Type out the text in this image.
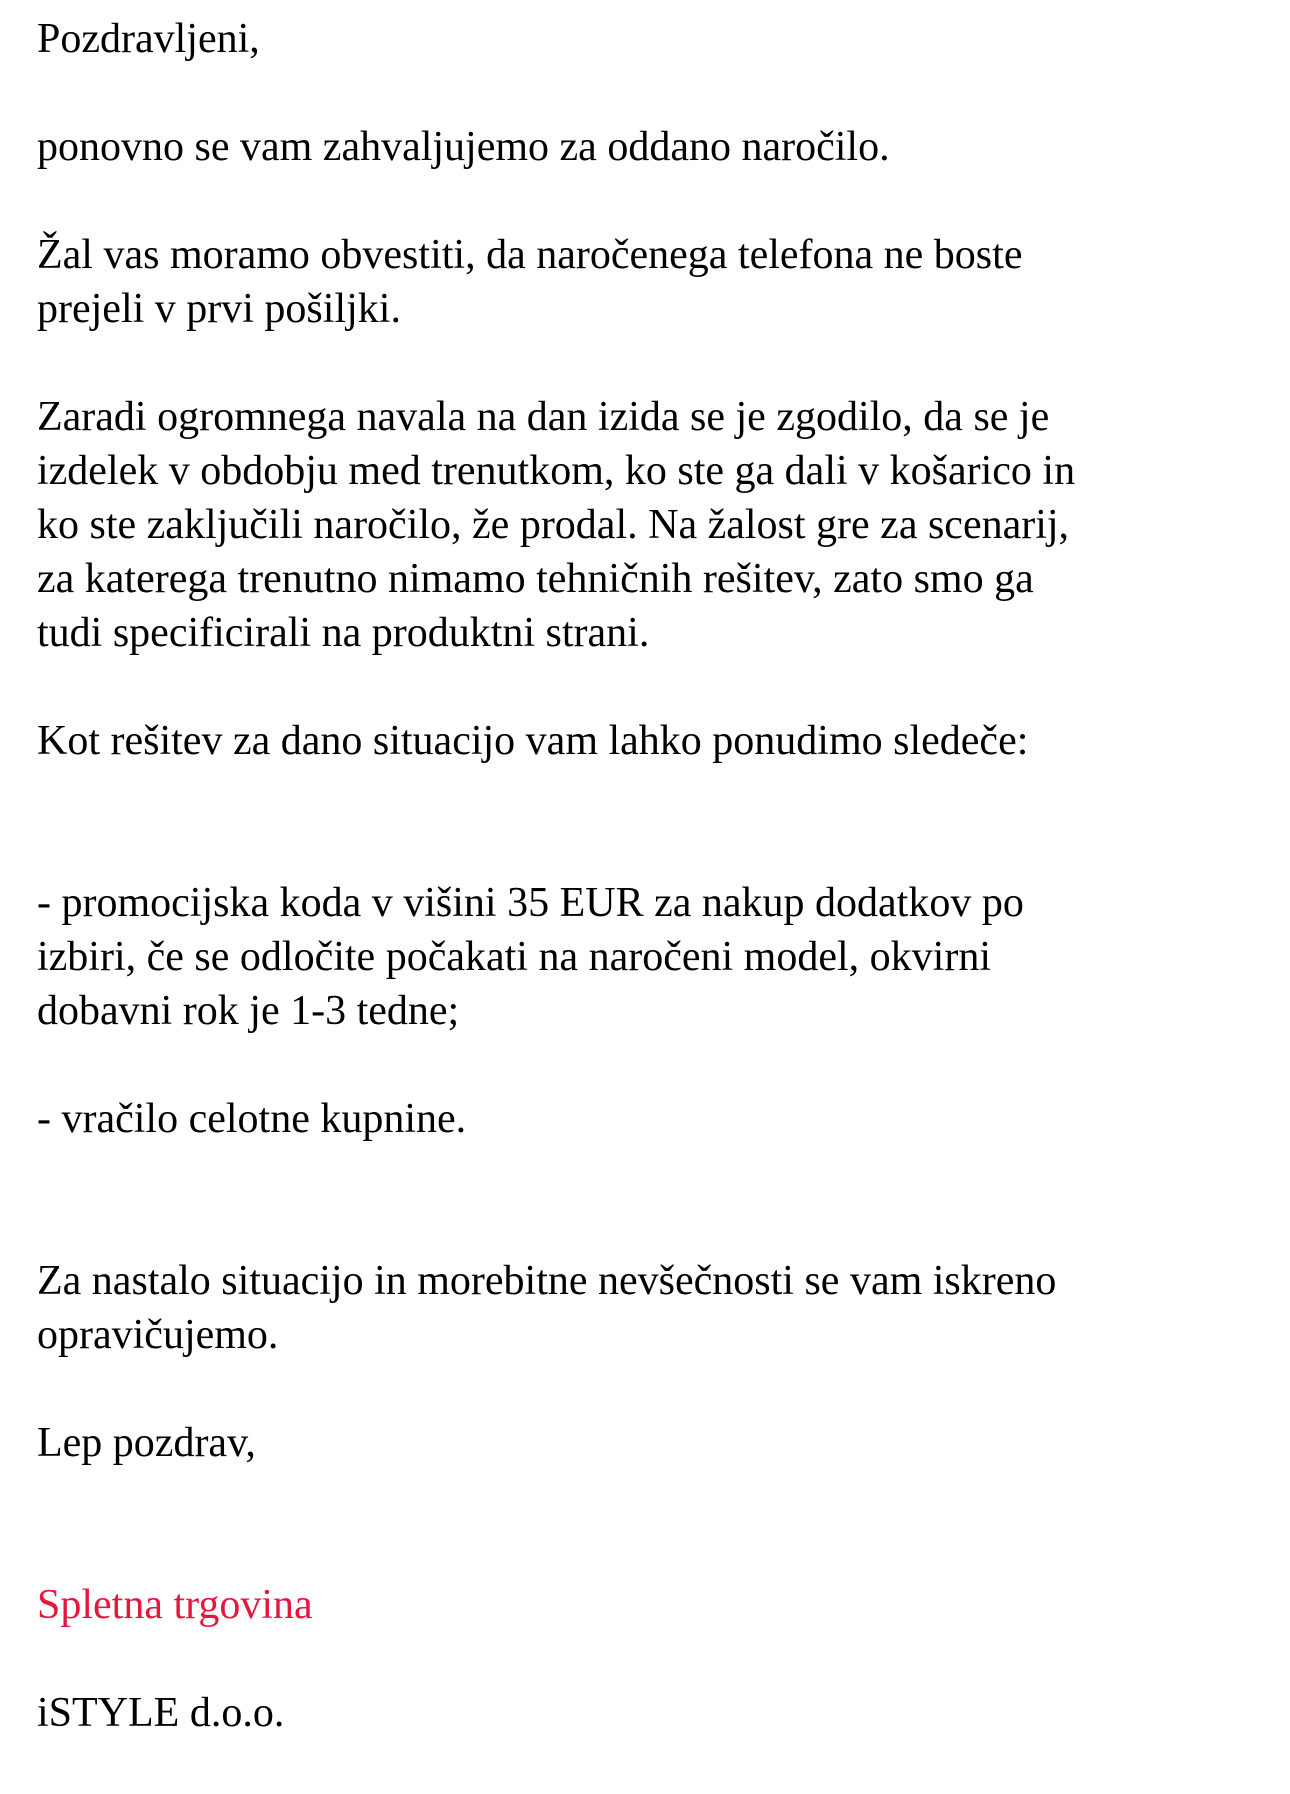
Pozdravljeni,

ponovno se vam zahvaljujemo za oddano naročilo.

Žal vas moramo obvestiti, da naročenega telefona ne boste
prejeli v prvi pošiljki.

Zaradi ogromnega navala na dan izida se je zgodilo, da se je
izdelek v obdobju med trenutkom, ko ste ga dali v košarico in
ko ste zaključili naročilo, že prodal. Na žalost gre za scenarij,
za katerega trenutno nimamo tehničnih rešitev, zato smo ga
tudi specificirali na produktni strani.

Kot rešitev za dano situacijo vam lahko ponudimo sledeče:

- promocijska koda v višini 35 EUR za nakup dodatkov po
izbiri, če se odločite počakati na naročeni model, okvirni
dobavni rok je 1-3 tedne;

- vračilo celotne kupnine.

Za nastalo situacijo in morebitne nevšečnosti se vam iskreno
opravičujemo.

Lep pozdrav,

Spletna trgovina

iSTYLE d.o.o.
